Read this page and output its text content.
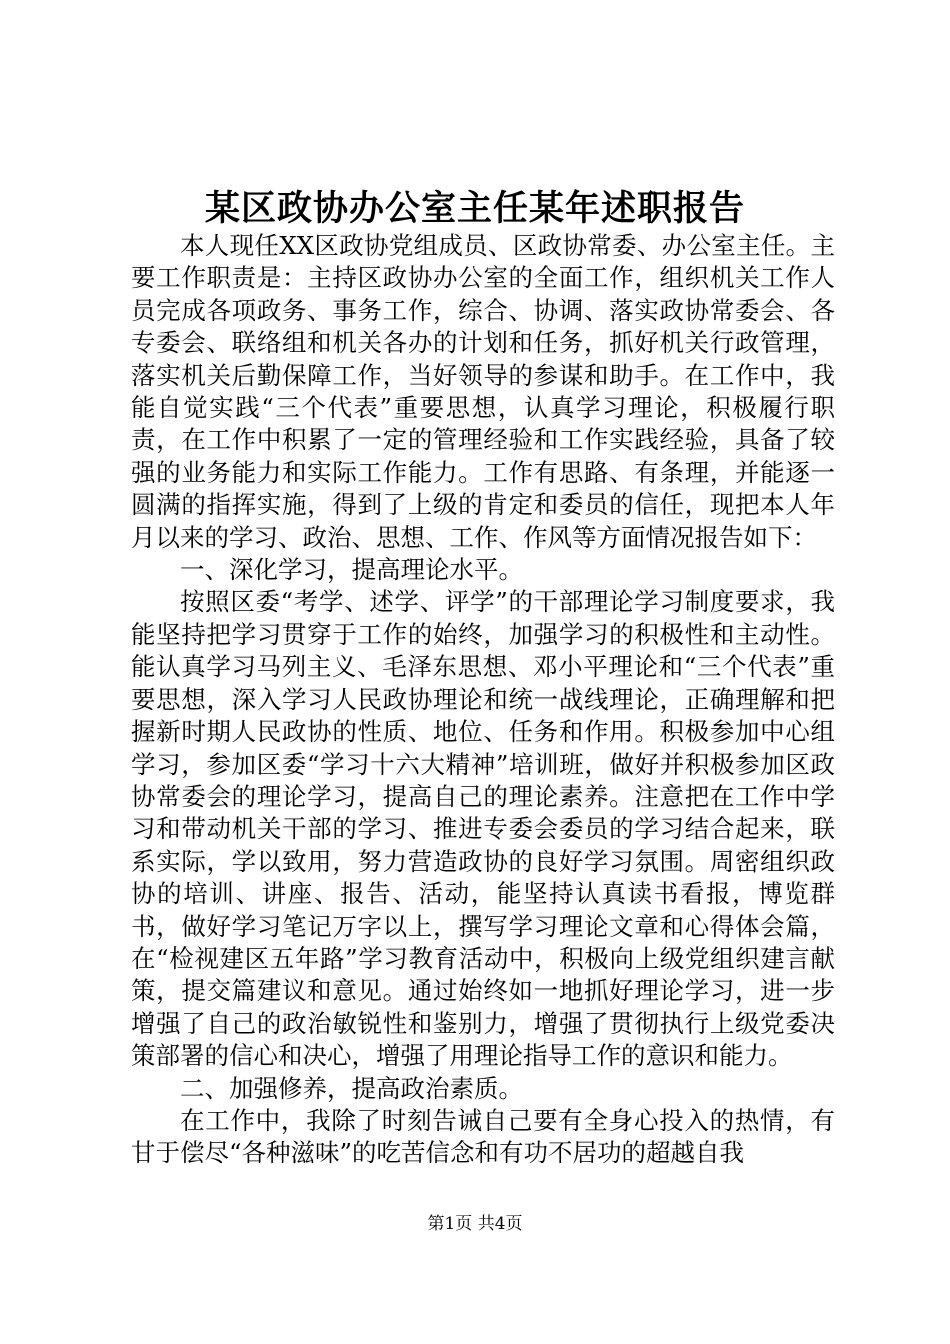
某区政协办公室主任某年述职报告

本人现任XX区政协党组成员、区政协常委、办公室主任。主要工作职责是：主持区政协办公室的全面工作，组织机关工作人员完成各项政务、事务工作，综合、协调、落实政协常委会、各专委会、联络组和机关各办的计划和任务，抓好机关行政管理，落实机关后勤保障工作，当好领导的参谋和助手。在工作中，我能自觉实践“三个代表”重要思想，认真学习理论，积极履行职责，在工作中积累了一定的管理经验和工作实践经验，具备了较强的业务能力和实际工作能力。工作有思路、有条理，并能逐一圆满的指挥实施，得到了上级的肯定和委员的信任，现把本人年月以来的学习、政治、思想、工作、作风等方面情况报告如下：

一、深化学习，提高理论水平。

按照区委“考学、述学、评学”的干部理论学习制度要求，我能坚持把学习贯穿于工作的始终，加强学习的积极性和主动性。能认真学习马列主义、毛泽东思想、邓小平理论和“三个代表”重要思想，深入学习人民政协理论和统一战线理论，正确理解和把握新时期人民政协的性质、地位、任务和作用。积极参加中心组学习，参加区委“学习十六大精神”培训班，做好并积极参加区政协常委会的理论学习，提高自己的理论素养。注意把在工作中学习和带动机关干部的学习、推进专委会委员的学习结合起来，联系实际，学以致用，努力营造政协的良好学习氛围。周密组织政协的培训、讲座、报告、活动，能坚持认真读书看报，博览群书，做好学习笔记万字以上，撰写学习理论文章和心得体会篇，在“检视建区五年路”学习教育活动中，积极向上级党组织建言献策，提交篇建议和意见。通过始终如一地抓好理论学习，进一步增强了自己的政治敏锐性和鉴别力，增强了贯彻执行上级党委决策部署的信心和决心，增强了用理论指导工作的意识和能力。

二、加强修养，提高政治素质。

在工作中，我除了时刻告诫自己要有全身心投入的热情，有甘于偿尽“各种滋味”的吃苦信念和有功不居功的超越自我

第1页 共4页
